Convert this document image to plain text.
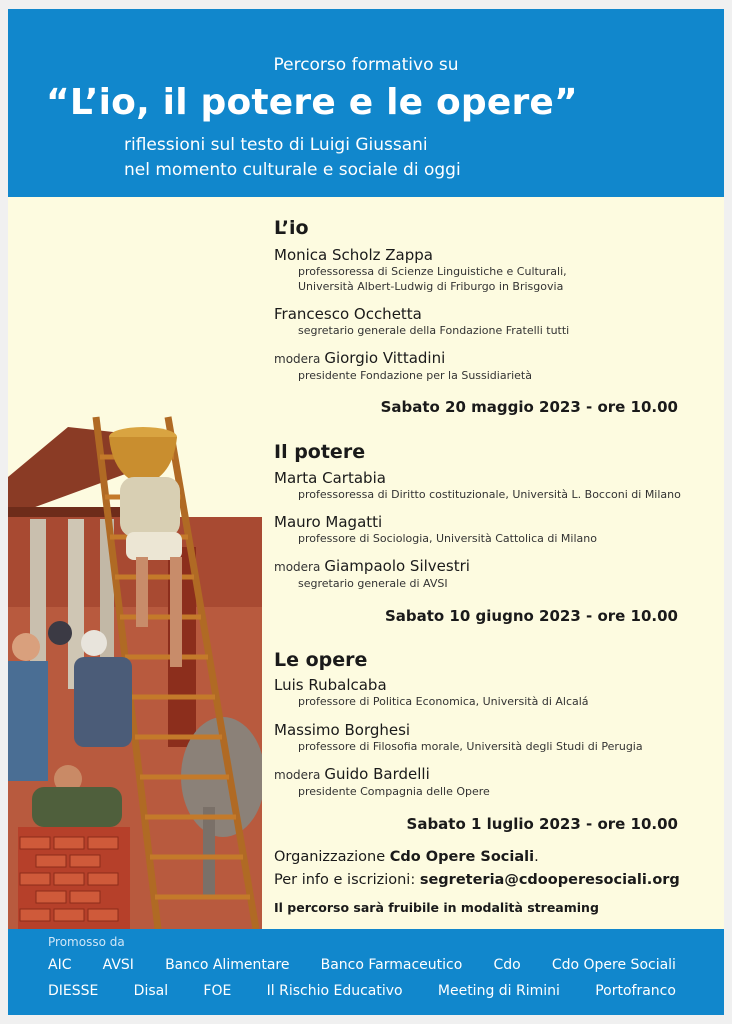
Percorso formativo su
“L’io, il potere e le opere”
riflessioni sul testo di Luigi Giussani
nel momento culturale e sociale di oggi
L’io
Monica Scholz Zappa
professoressa di Scienze Linguistiche e Culturali,
Università Albert-Ludwig di Friburgo in Brisgovia
Francesco Occhetta
segretario generale della Fondazione Fratelli tutti
modera Giorgio Vittadini
presidente Fondazione per la Sussidiarietà
Sabato 20 maggio 2023 - ore 10.00
Il potere
Marta Cartabia
professoressa di Diritto costituzionale, Università L. Bocconi di Milano
Mauro Magatti
professore di Sociologia, Università Cattolica di Milano
modera Giampaolo Silvestri
segretario generale di AVSI
Sabato 10 giugno 2023 - ore 10.00
Le opere
Luis Rubalcaba
professore di Politica Economica, Università di Alcalá
Massimo Borghesi
professore di Filosofia morale, Università degli Studi di Perugia
modera Guido Bardelli
presidente Compagnia delle Opere
Sabato 1 luglio 2023 - ore 10.00
Organizzazione Cdo Opere Sociali.
Per info e iscrizioni: segreteria@cdooperesociali.org
Il percorso sarà fruibile in modalità streaming
Promosso da
AIC AVSI Banco Alimentare Banco Farmaceutico Cdo Cdo Opere Sociali
DIESSE	Disal	FOE	Il Rischio Educativo	Meeting di Rimini	Portofranco
